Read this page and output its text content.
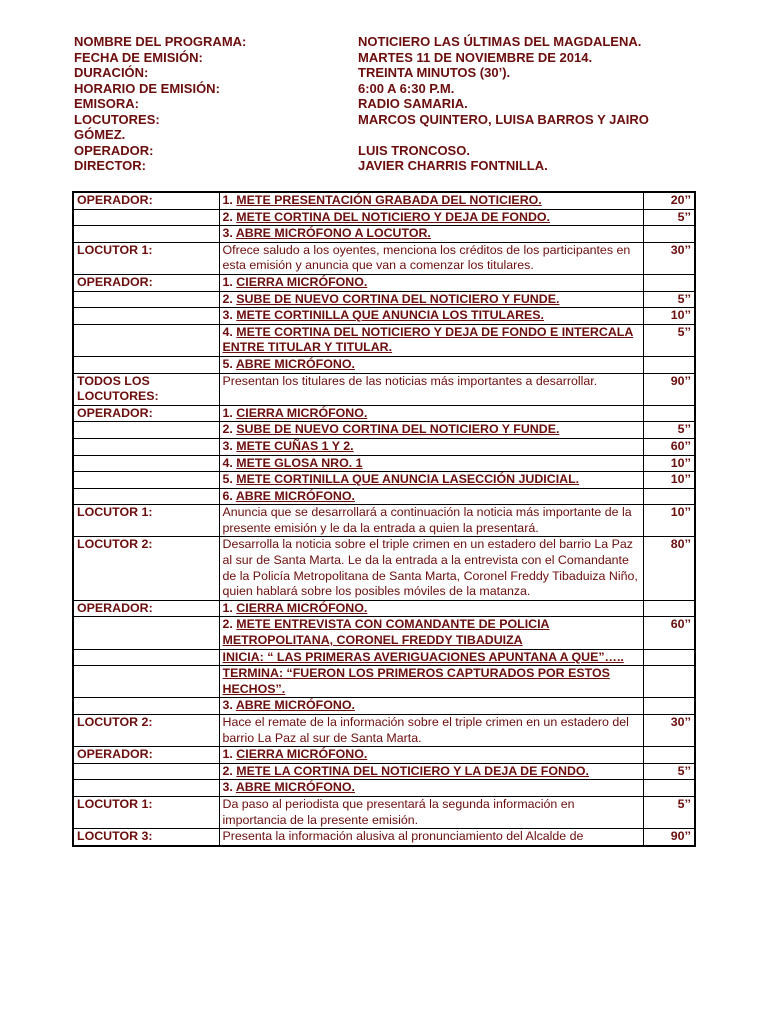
NOMBRE DEL PROGRAMA:	NOTICIERO LAS ÚLTIMAS DEL MAGDALENA.
FECHA DE EMISIÓN:	MARTES 11 DE NOVIEMBRE DE 2014.
DURACIÓN:	TREINTA MINUTOS (30’).
HORARIO DE EMISIÓN:	6:00 A 6:30 P.M.
EMISORA:	RADIO SAMARIA.
LOCUTORES:	MARCOS QUINTERO, LUISA BARROS Y JAIRO
GÓMEZ.
OPERADOR:	LUIS TRONCOSO.
DIRECTOR:	JAVIER CHARRIS FONTNILLA.
OPERADOR:	1. METE PRESENTACIÓN GRABADA DEL NOTICIERO.	20’’
	2. METE CORTINA DEL NOTICIERO Y DEJA DE FONDO.	5’’
	3. ABRE MICRÓFONO A LOCUTOR.	
LOCUTOR 1:	Ofrece saludo a los oyentes, menciona los créditos de los participantes en esta emisión y anuncia que van a comenzar los titulares.	30’’
OPERADOR:	1. CIERRA MICRÓFONO.	
	2. SUBE DE NUEVO CORTINA DEL NOTICIERO Y FUNDE.	5’’
	3. METE CORTINILLA QUE ANUNCIA LOS TITULARES.	10’’
	4. METE CORTINA DEL NOTICIERO Y DEJA DE FONDO E INTERCALA ENTRE TITULAR Y TITULAR.	5’’
	5. ABRE MICRÓFONO.	
TODOS LOS LOCUTORES:	Presentan los titulares de las noticias más importantes a desarrollar.	90’’
OPERADOR:	1. CIERRA MICRÓFONO.	
	2. SUBE DE NUEVO CORTINA DEL NOTICIERO Y FUNDE.	5’’
	3. METE CUÑAS 1 Y 2.	60’’
	4. METE GLOSA NRO. 1	10’’
	5. METE CORTINILLA QUE ANUNCIA LASECCIÓN JUDICIAL.	10’’
	6. ABRE MICRÓFONO.	
LOCUTOR 1:	Anuncia que se desarrollará a continuación la noticia más importante de la presente emisión y le da la entrada a quien la presentará.	10’’
LOCUTOR 2:	Desarrolla la noticia sobre el triple crimen en un estadero del barrio La Paz al sur de Santa Marta. Le da la entrada a la entrevista con el Comandante de la Policía Metropolitana de Santa Marta, Coronel Freddy Tibaduiza Niño, quien hablará sobre los posibles móviles de la matanza.	80’’
OPERADOR:	1. CIERRA MICRÓFONO.	
	2. METE ENTREVISTA CON COMANDANTE DE POLICIA METROPOLITANA, CORONEL FREDDY TIBADUIZA	60’’
	INICIA: “ LAS PRIMERAS AVERIGUACIONES APUNTANA A QUE”…..	
	TERMINA: “FUERON LOS PRIMEROS CAPTURADOS POR ESTOS HECHOS”.	
	3. ABRE MICRÓFONO.	
LOCUTOR 2:	Hace el remate de la información sobre el triple crimen en un estadero del barrio La Paz al sur de Santa Marta.	30’’
OPERADOR:	1. CIERRA MICRÓFONO.	
	2. METE LA CORTINA DEL NOTICIERO Y LA DEJA DE FONDO.	5’’
	3. ABRE MICRÓFONO.	
LOCUTOR 1:	Da paso al periodista que presentará la segunda información en importancia de la presente emisión.	5’’
LOCUTOR 3:	Presenta la información alusiva al pronunciamiento del Alcalde de	90’’
